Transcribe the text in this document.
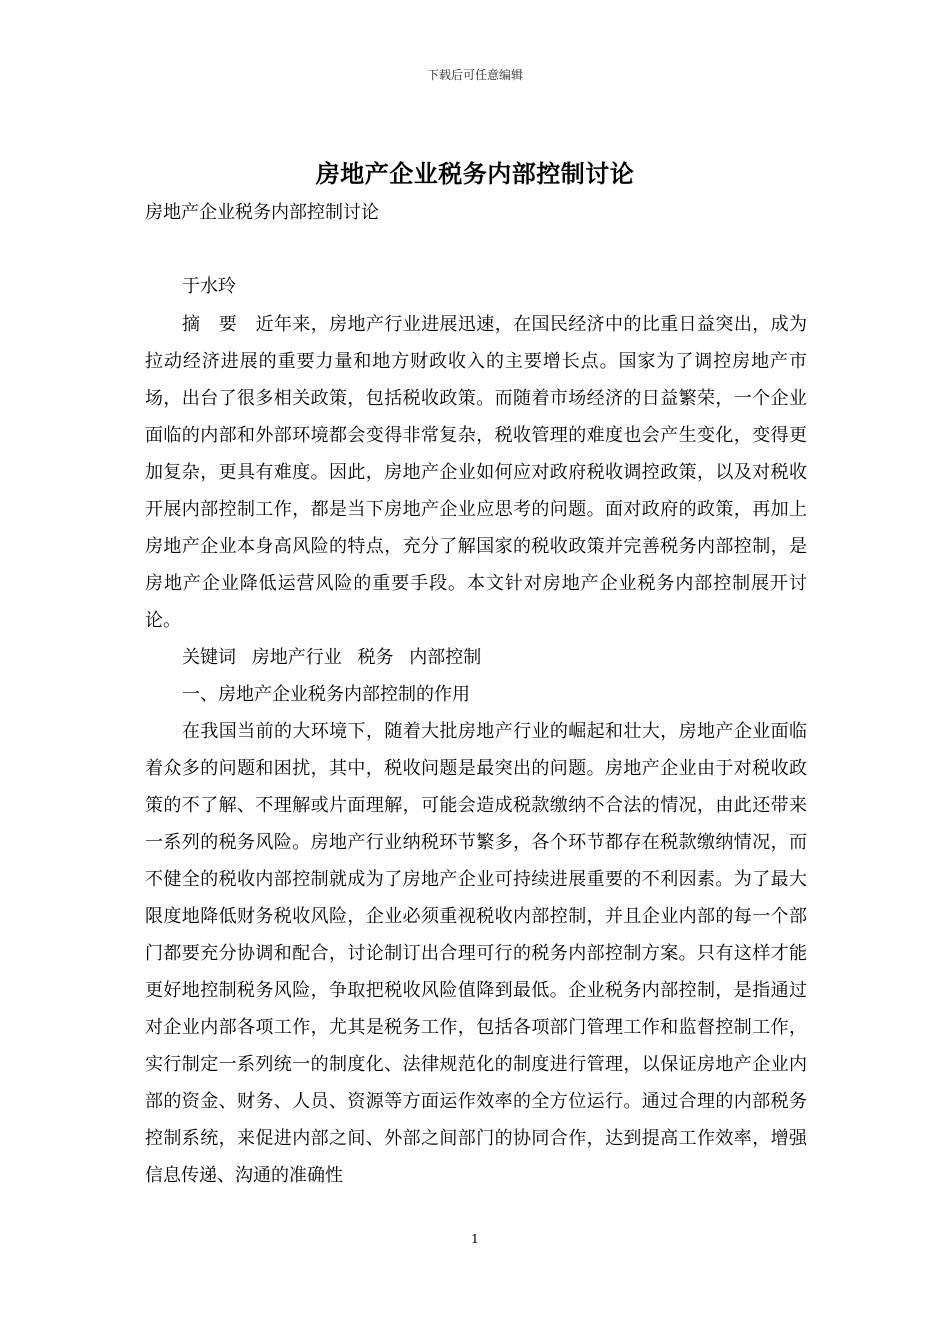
下载后可任意编辑
房地产企业税务内部控制讨论
房地产企业税务内部控制讨论
于水玲

摘　要　近年来，房地产行业进展迅速，在国民经济中的比重日益突出，成为拉动经济进展的重要力量和地方财政收入的主要增长点。国家为了调控房地产市场，出台了很多相关政策，包括税收政策。而随着市场经济的日益繁荣，一个企业面临的内部和外部环境都会变得非常复杂，税收管理的难度也会产生变化，变得更加复杂，更具有难度。因此，房地产企业如何应对政府税收调控政策，以及对税收开展内部控制工作，都是当下房地产企业应思考的问题。面对政府的政策，再加上房地产企业本身高风险的特点，充分了解国家的税收政策并完善税务内部控制，是房地产企业降低运营风险的重要手段。本文针对房地产企业税务内部控制展开讨论。

关键词 房地产行业 税务 内部控制

一、房地产企业税务内部控制的作用

在我国当前的大环境下，随着大批房地产行业的崛起和壮大，房地产企业面临着众多的问题和困扰，其中，税收问题是最突出的问题。房地产企业由于对税收政策的不了解、不理解或片面理解，可能会造成税款缴纳不合法的情况，由此还带来一系列的税务风险。房地产行业纳税环节繁多，各个环节都存在税款缴纳情况，而不健全的税收内部控制就成为了房地产企业可持续进展重要的不利因素。为了最大限度地降低财务税收风险，企业必须重视税收内部控制，并且企业内部的每一个部门都要充分协调和配合，讨论制订出合理可行的税务内部控制方案。只有这样才能更好地控制税务风险，争取把税收风险值降到最低。企业税务内部控制，是指通过对企业内部各项工作，尤其是税务工作，包括各项部门管理工作和监督控制工作，实行制定一系列统一的制度化、法律规范化的制度进行管理，以保证房地产企业内部的资金、财务、人员、资源等方面运作效率的全方位运行。通过合理的内部税务控制系统，来促进内部之间、外部之间部门的协同合作，达到提高工作效率，增强信息传递、沟通的准确性

1
